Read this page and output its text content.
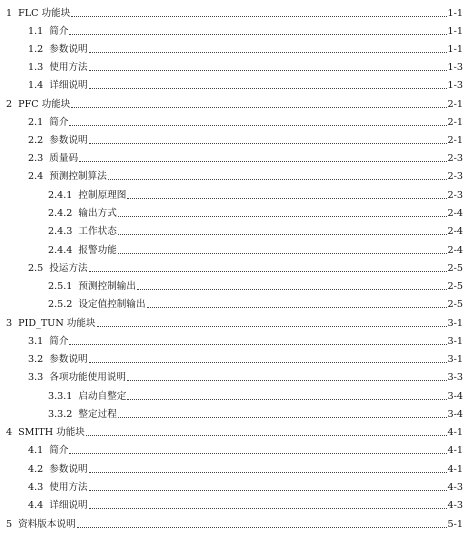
1 FLC 功能块	1-1
1.1 简介	1-1
1.2 参数说明	1-1
1.3 使用方法	1-3
1.4 详细说明	1-3
2 PFC 功能块	2-1
2.1 简介	2-1
2.2 参数说明	2-1
2.3 质量码	2-3
2.4 预测控制算法	2-3
2.4.1 控制原理图	2-3
2.4.2 输出方式	2-4
2.4.3 工作状态	2-4
2.4.4 报警功能	2-4
2.5 投运方法	2-5
2.5.1 预测控制输出	2-5
2.5.2 设定值控制输出	2-5
3 PID_TUN 功能块	3-1
3.1 简介	3-1
3.2 参数说明	3-1
3.3 各项功能使用说明	3-3
3.3.1 启动自整定	3-4
3.3.2 整定过程	3-4
4 SMITH 功能块	4-1
4.1 简介	4-1
4.2 参数说明	4-1
4.3 使用方法	4-3
4.4 详细说明	4-3
5 资料版本说明	5-1
